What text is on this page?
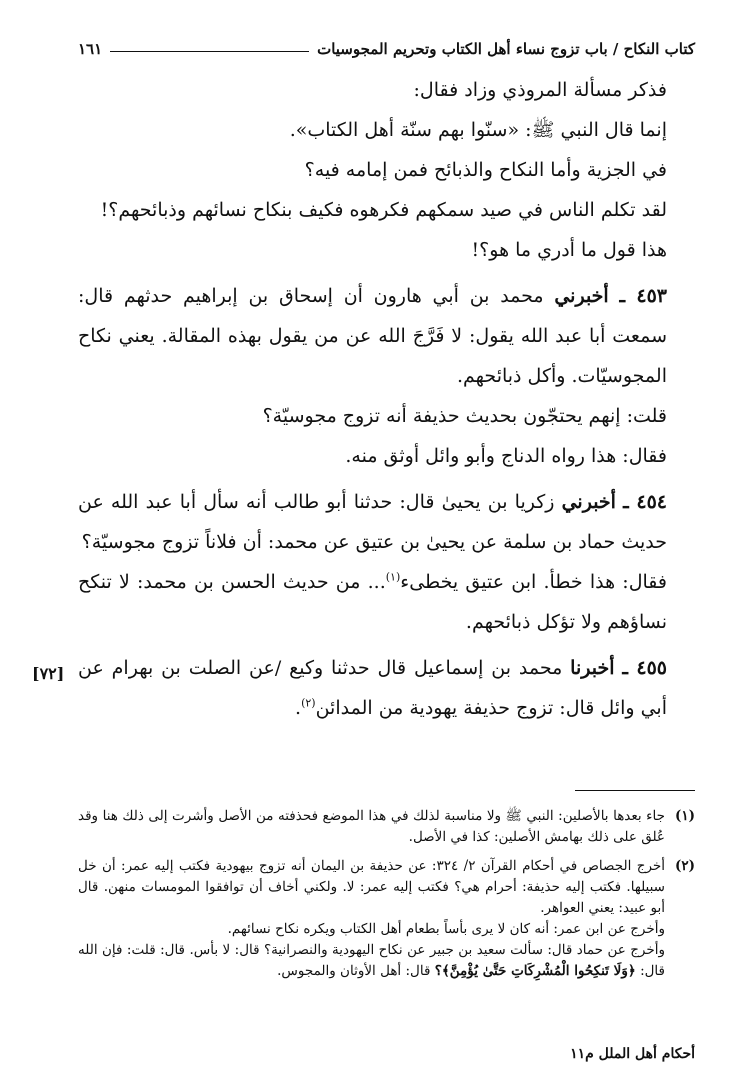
كتاب النكاح / باب تزوج نساء أهل الكتاب وتحريم المجوسيات
١٦١

فذكر مسألة المروذي وزاد فقال:

إنما قال النبي ﷺ: «سنّوا بهم سنّة أهل الكتاب».

في الجزية وأما النكاح والذبائح فمن إمامه فيه؟

لقد تكلم الناس في صيد سمكهم فكرهوه فكيف بنكاح نسائهم وذبائحهم؟!

هذا قول ما أدري ما هو؟!

٤٥٣ ـ أخبرني محمد بن أبي هارون أن إسحاق بن إبراهيم حدثهم قال: سمعت أبا عبد الله يقول: لا فَرَّجَ الله عن من يقول بهذه المقالة. يعني نكاح المجوسيّات. وأكل ذبائحهم.

قلت: إنهم يحتجّون بحديث حذيفة أنه تزوج مجوسيّة؟

فقال: هذا رواه الدناج وأبو وائل أوثق منه.

٤٥٤ ـ أخبرني زكريا بن يحيىٰ قال: حدثنا أبو طالب أنه سأل أبا عبد الله عن حديث حماد بن سلمة عن يحيىٰ بن عتيق عن محمد: أن فلاناً تزوج مجوسيّة؟

فقال: هذا خطأ. ابن عتيق يخطىء$^{(١)}$... من حديث الحسن بن محمد: لا تنكح نساؤهم ولا تؤكل ذبائحهم.

٤٥٥ ـ أخبرنا محمد بن إسماعيل قال حدثنا وكيع /عن الصلت بن بهرام عن أبي وائل قال: تزوج حذيفة يهودية من المدائن$^{(٢)}$.

[٧٢]
(١)
جاء بعدها بالأصلين: النبي ﷺ ولا مناسبة لذلك في هذا الموضع فحذفته من الأصل وأشرت إلى ذلك هنا وقد عُلق على ذلك بهامش الأصلين: كذا في الأصل.
(٢)

أخرج الجصاص في أحكام القرآن ٢/ ٣٢٤: عن حذيفة بن اليمان أنه تزوج بيهودية فكتب إليه عمر: أن خل سبيلها. فكتب إليه حذيفة: أحرام هي؟ فكتب إليه عمر: لا. ولكني أخاف أن توافقوا المومسات منهن. قال أبو عبيد: يعني العواهر.

وأخرج عن ابن عمر: أنه كان لا يرى بأساً بطعام أهل الكتاب ويكره نكاح نسائهم.

وأخرج عن حماد قال: سألت سعيد بن جبير عن نكاح اليهودية والنصرانية؟ قال: لا بأس. قال: قلت: فإن الله قال: ﴿وَلَا تَنكِحُوا الْمُشْرِكَاتِ حَتَّىٰ يُؤْمِنَّ﴾؟ قال: أهل الأوثان والمجوس.

أحكام أهل الملل م١١
